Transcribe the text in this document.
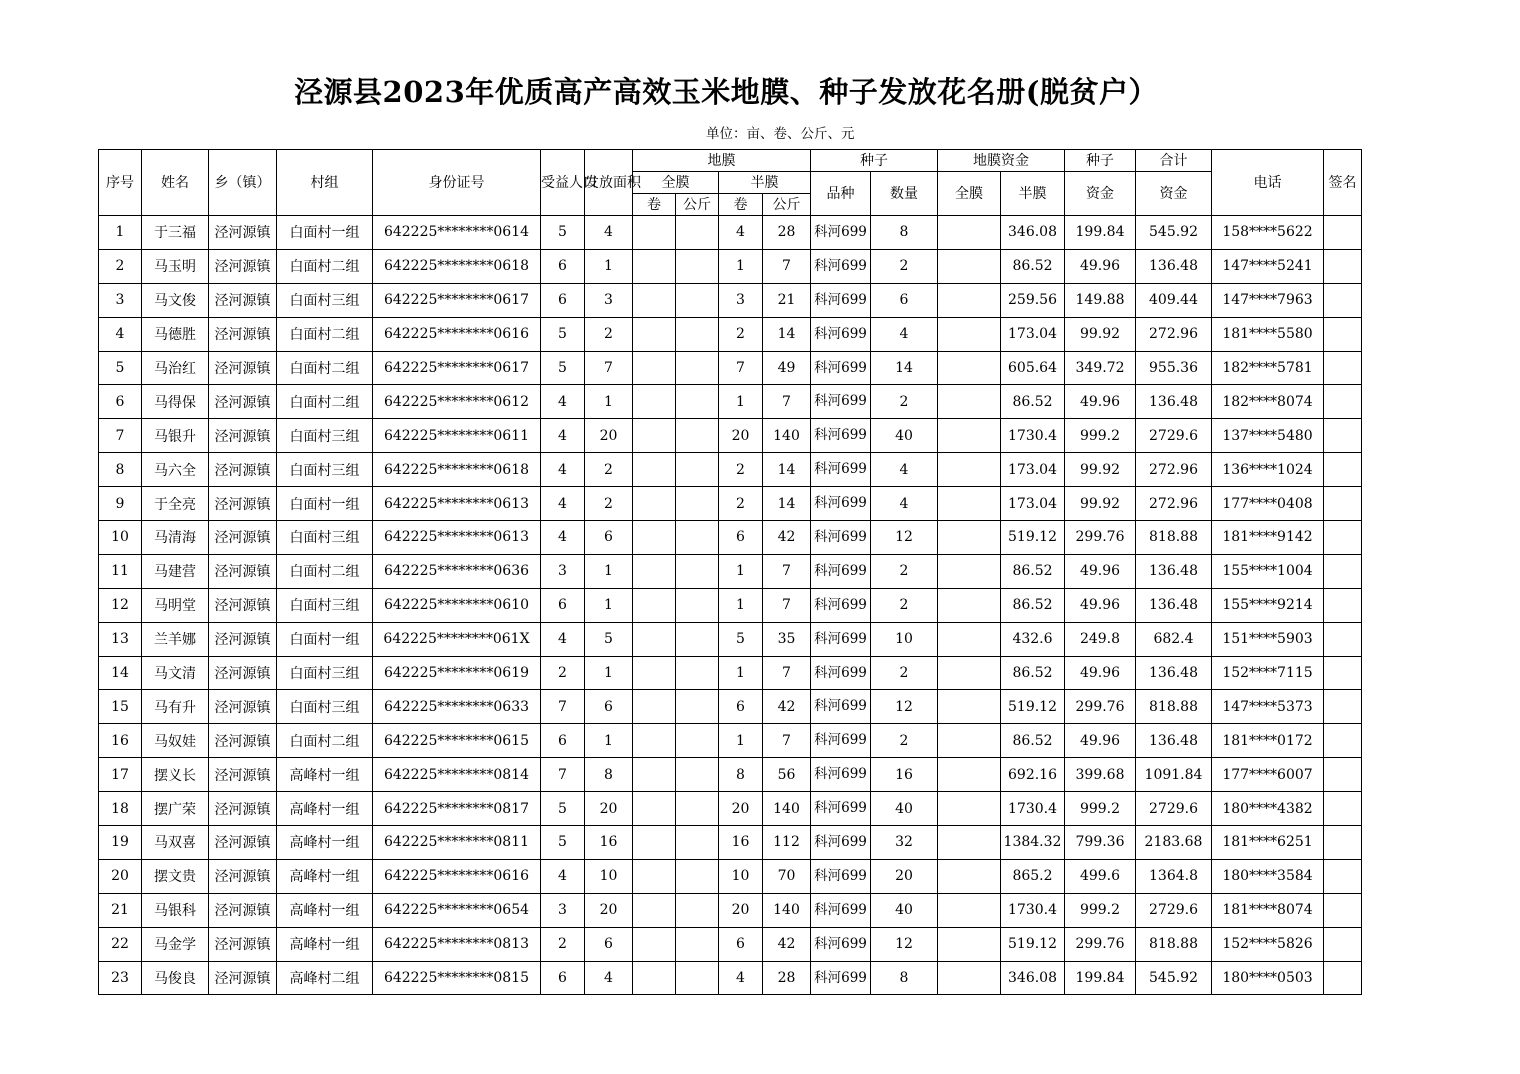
泾源县2023年优质高产高效玉米地膜、种子发放花名册(脱贫户）
单位：亩、卷、公斤、元
序号	姓名	乡（镇）	村组	身份证号	受益人口	发放面积	地膜				种子		地膜资金		种子	合计	电话	签名
							全膜		半膜		品种	数量	全膜	半膜	资金	资金		
							卷	公斤	卷	公斤								
1	于三福	泾河源镇	白面村一组	642225********0614	5	4			4	28	科河699	8		346.08	199.84	545.92	158****5622	
2	马玉明	泾河源镇	白面村二组	642225********0618	6	1			1	7	科河699	2		86.52	49.96	136.48	147****5241	
3	马文俊	泾河源镇	白面村三组	642225********0617	6	3			3	21	科河699	6		259.56	149.88	409.44	147****7963	
4	马德胜	泾河源镇	白面村二组	642225********0616	5	2			2	14	科河699	4		173.04	99.92	272.96	181****5580	
5	马治红	泾河源镇	白面村二组	642225********0617	5	7			7	49	科河699	14		605.64	349.72	955.36	182****5781	
6	马得保	泾河源镇	白面村二组	642225********0612	4	1			1	7	科河699	2		86.52	49.96	136.48	182****8074	
7	马银升	泾河源镇	白面村三组	642225********0611	4	20			20	140	科河699	40		1730.4	999.2	2729.6	137****5480	
8	马六全	泾河源镇	白面村三组	642225********0618	4	2			2	14	科河699	4		173.04	99.92	272.96	136****1024	
9	于全亮	泾河源镇	白面村一组	642225********0613	4	2			2	14	科河699	4		173.04	99.92	272.96	177****0408	
10	马清海	泾河源镇	白面村三组	642225********0613	4	6			6	42	科河699	12		519.12	299.76	818.88	181****9142	
11	马建营	泾河源镇	白面村二组	642225********0636	3	1			1	7	科河699	2		86.52	49.96	136.48	155****1004	
12	马明堂	泾河源镇	白面村三组	642225********0610	6	1			1	7	科河699	2		86.52	49.96	136.48	155****9214	
13	兰羊娜	泾河源镇	白面村一组	642225********061X	4	5			5	35	科河699	10		432.6	249.8	682.4	151****5903	
14	马文清	泾河源镇	白面村三组	642225********0619	2	1			1	7	科河699	2		86.52	49.96	136.48	152****7115	
15	马有升	泾河源镇	白面村三组	642225********0633	7	6			6	42	科河699	12		519.12	299.76	818.88	147****5373	
16	马奴娃	泾河源镇	白面村二组	642225********0615	6	1			1	7	科河699	2		86.52	49.96	136.48	181****0172	
17	摆义长	泾河源镇	高峰村一组	642225********0814	7	8			8	56	科河699	16		692.16	399.68	1091.84	177****6007	
18	摆广荣	泾河源镇	高峰村一组	642225********0817	5	20			20	140	科河699	40		1730.4	999.2	2729.6	180****4382	
19	马双喜	泾河源镇	高峰村一组	642225********0811	5	16			16	112	科河699	32		1384.32	799.36	2183.68	181****6251	
20	摆文贵	泾河源镇	高峰村一组	642225********0616	4	10			10	70	科河699	20		865.2	499.6	1364.8	180****3584	
21	马银科	泾河源镇	高峰村一组	642225********0654	3	20			20	140	科河699	40		1730.4	999.2	2729.6	181****8074	
22	马金学	泾河源镇	高峰村一组	642225********0813	2	6			6	42	科河699	12		519.12	299.76	818.88	152****5826	
23	马俊良	泾河源镇	高峰村二组	642225********0815	6	4			4	28	科河699	8		346.08	199.84	545.92	180****0503	
